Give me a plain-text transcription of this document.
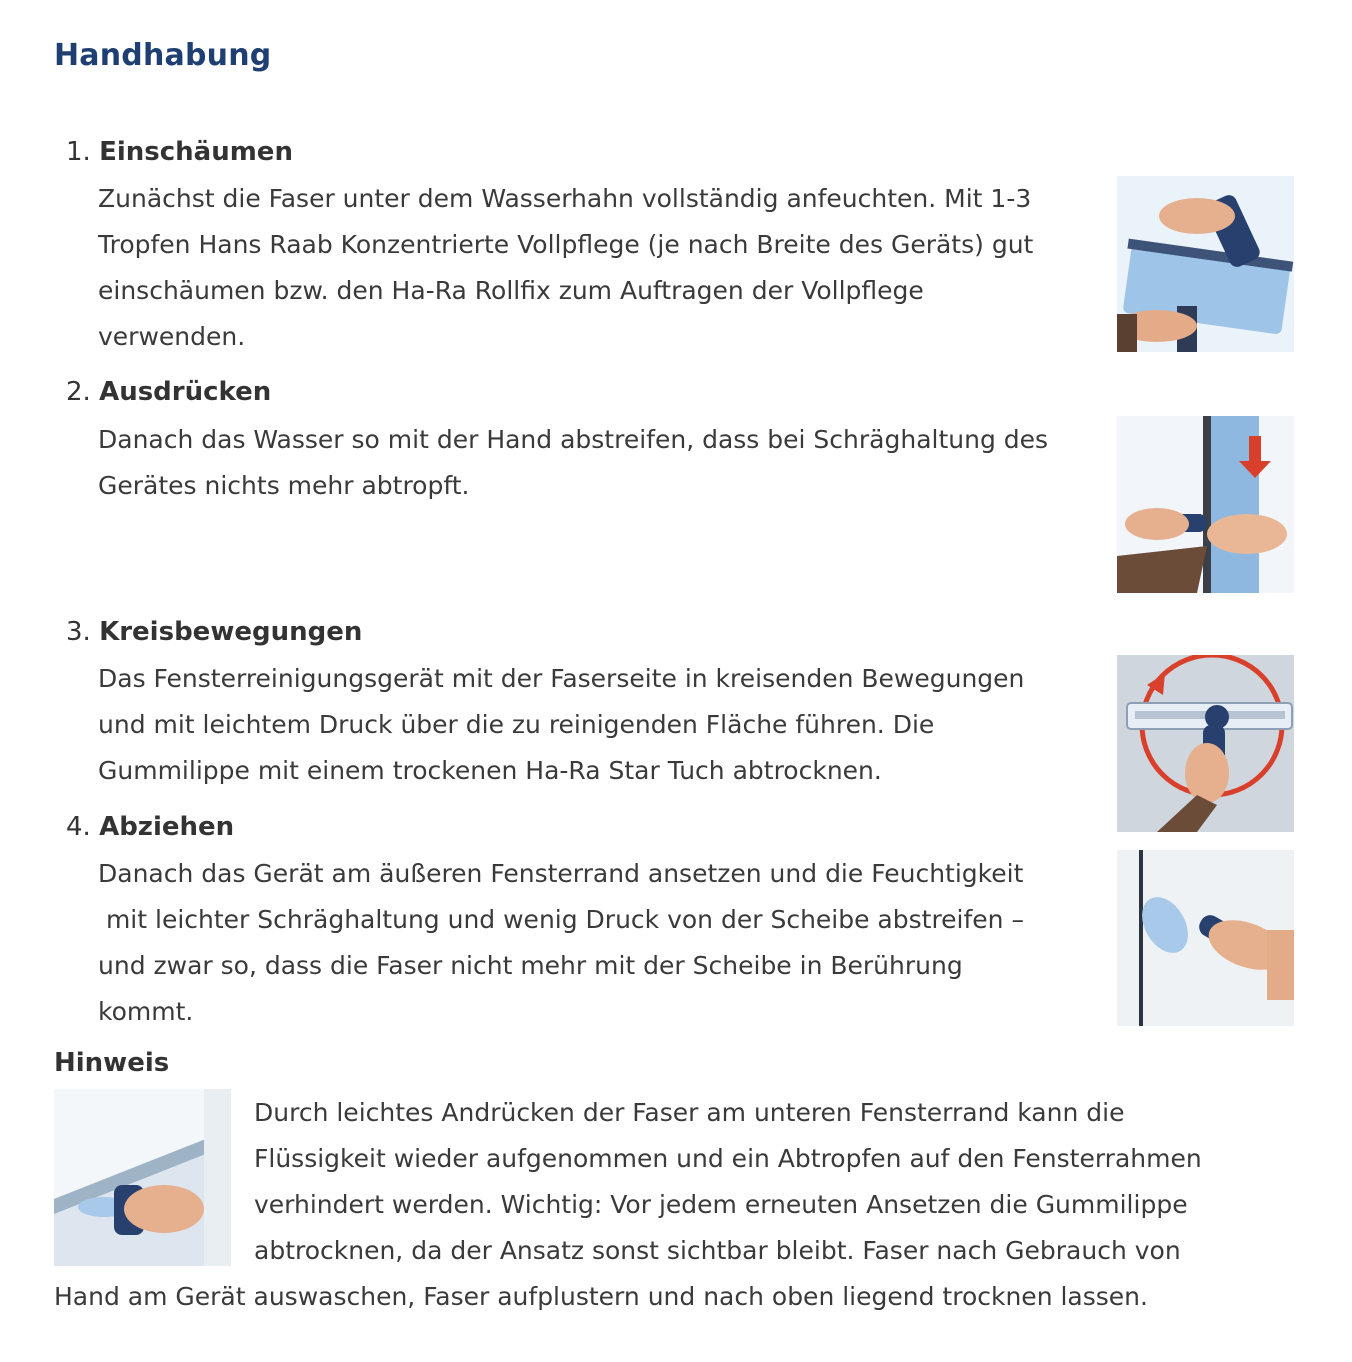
Handhabung
1. Einschäumen
Zunächst die Faser unter dem Wasserhahn vollständig anfeuchten. Mit 1-3
Tropfen Hans Raab Konzentrierte Vollpflege (je nach Breite des Geräts) gut
einschäumen bzw. den Ha-Ra Rollfix zum Auftragen der Vollpflege
verwenden.
2. Ausdrücken
Danach das Wasser so mit der Hand abstreifen, dass bei Schräghaltung des
Gerätes nichts mehr abtropft.
3. Kreisbewegungen
Das Fensterreinigungsgerät mit der Faserseite in kreisenden Bewegungen
und mit leichtem Druck über die zu reinigenden Fläche führen. Die
Gummilippe mit einem trockenen Ha-Ra Star Tuch abtrocknen.
4. Abziehen
Danach das Gerät am äußeren Fensterrand ansetzen und die Feuchtigkeit
mit leichter Schräghaltung und wenig Druck von der Scheibe abstreifen –
und zwar so, dass die Faser nicht mehr mit der Scheibe in Berührung
kommt.
Hinweis
Durch leichtes Andrücken der Faser am unteren Fensterrand kann die
Flüssigkeit wieder aufgenommen und ein Abtropfen auf den Fensterrahmen
verhindert werden. Wichtig: Vor jedem erneuten Ansetzen die Gummilippe
abtrocknen, da der Ansatz sonst sichtbar bleibt. Faser nach Gebrauch von
Hand am Gerät auswaschen, Faser aufplustern und nach oben liegend trocknen lassen.
